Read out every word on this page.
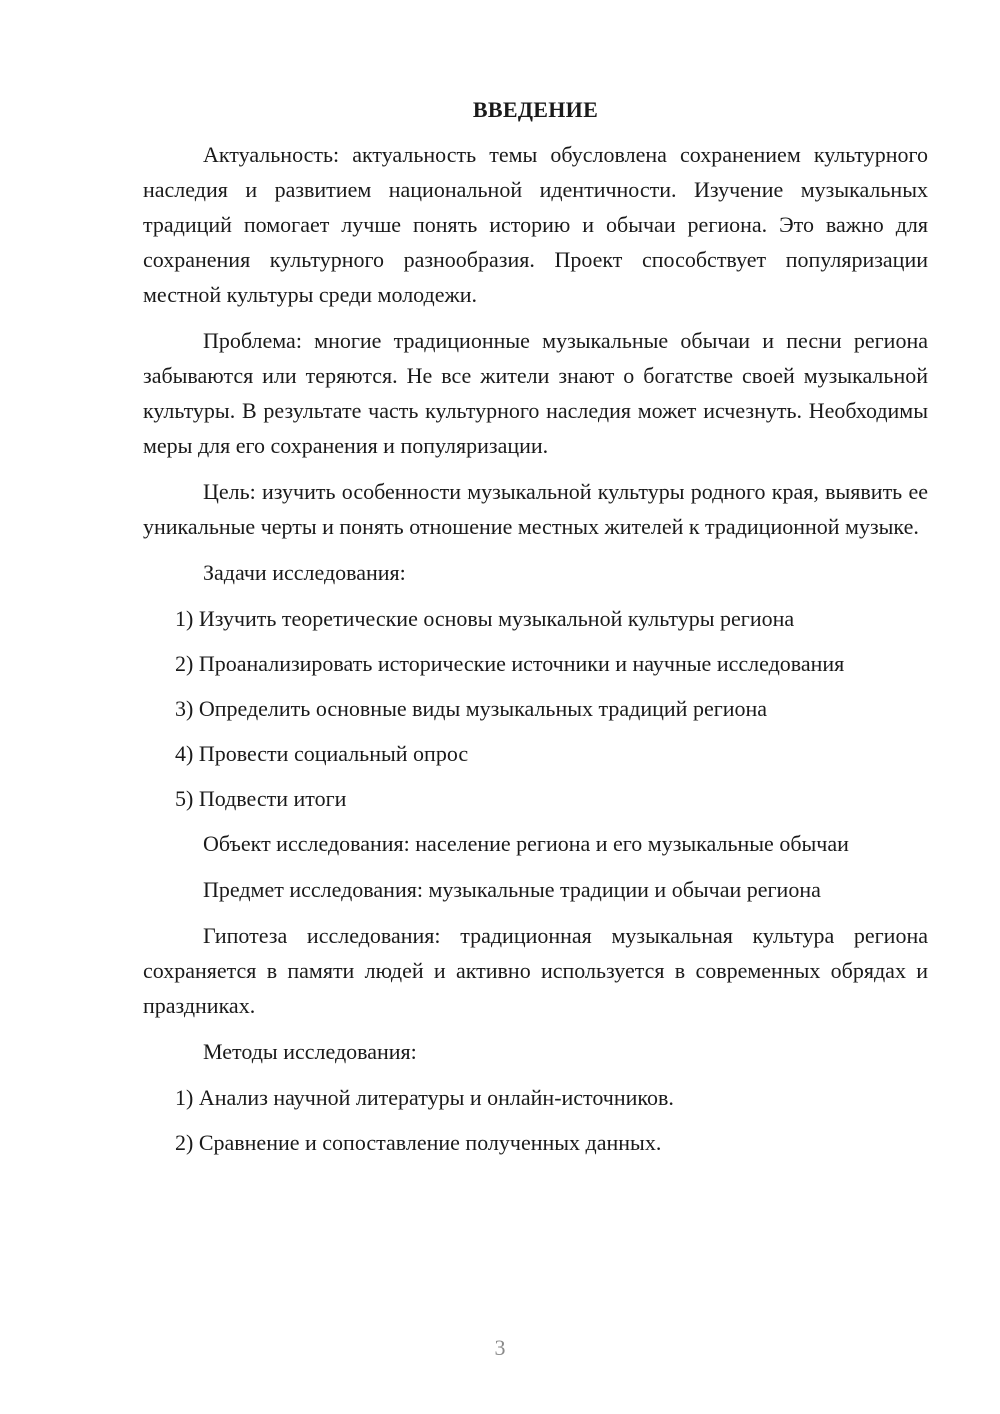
ВВЕДЕНИЕ

Актуальность: актуальность темы обусловлена сохранением культурного наследия и развитием национальной идентичности. Изучение музыкальных традиций помогает лучше понять историю и обычаи региона. Это важно для сохранения культурного разнообразия. Проект способствует популяризации местной культуры среди молодежи.

Проблема: многие традиционные музыкальные обычаи и песни региона забываются или теряются. Не все жители знают о богатстве своей музыкальной культуры. В результате часть культурного наследия может исчезнуть. Необходимы меры для его сохранения и популяризации.

Цель: изучить особенности музыкальной культуры родного края, выявить ее уникальные черты и понять отношение местных жителей к традиционной музыке.

Задачи исследования:

1) Изучить теоретические основы музыкальной культуры региона
2) Проанализировать исторические источники и научные исследования
3) Определить основные виды музыкальных традиций региона
4) Провести социальный опрос
5) Подвести итоги

Объект исследования: население региона и его музыкальные обычаи

Предмет исследования: музыкальные традиции и обычаи региона

Гипотеза исследования: традиционная музыкальная культура региона сохраняется в памяти людей и активно используется в современных обрядах и праздниках.

Методы исследования:

1) Анализ научной литературы и онлайн-источников.
2) Сравнение и сопоставление полученных данных.
3
